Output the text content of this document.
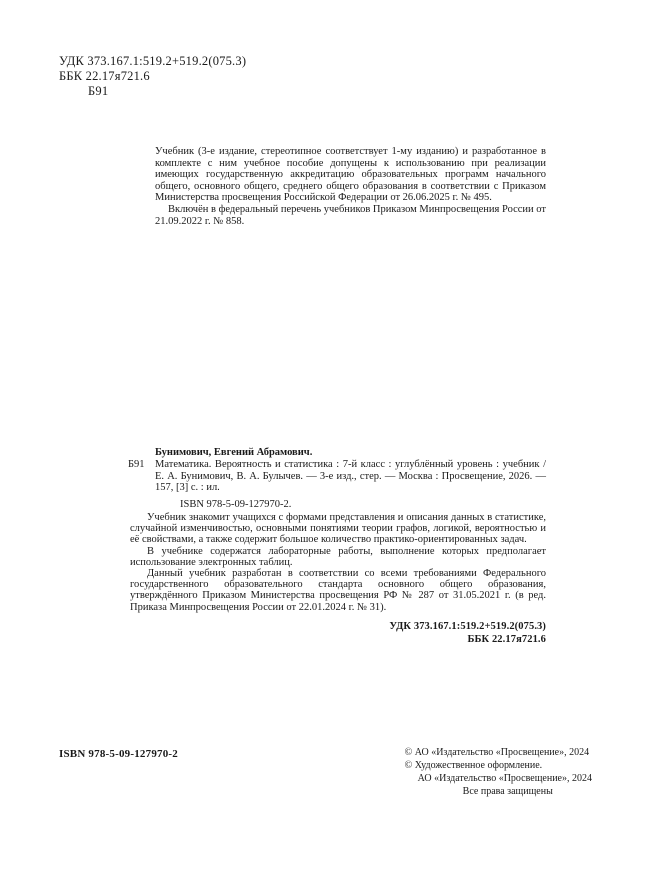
УДК 373.167.1:519.2+519.2(075.3)
ББК 22.17я721.6
Б91

Учебник (3-е издание, стереотипное соответствует 1-му изданию) и разработанное в комплекте с ним учебное пособие допущены к использованию при реализации имеющих государственную аккредитацию образовательных программ начального общего, основного общего, среднего общего образования в соответствии с Приказом Министерства просвещения Российской Федерации от 26.06.2025 г. № 495.

Включён в федеральный перечень учебников Приказом Минпросвещения России от 21.09.2022 г. № 858.

Бунимович, Евгений Абрамович.

Б91 Математика. Вероятность и статистика : 7-й класс : углублённый уровень : учебник / Е. А. Бунимович, В. А. Булычев. — 3-е изд., стер. — Москва : Просвещение, 2026. — 157, [3] с. : ил.

ISBN 978-5-09-127970-2.

Учебник знакомит учащихся с формами представления и описания данных в статистике, случайной изменчивостью, основными понятиями теории графов, логикой, вероятностью и её свойствами, а также содержит большое количество практико-ориентированных задач.

В учебнике содержатся лабораторные работы, выполнение которых предполагает использование электронных таблиц.

Данный учебник разработан в соответствии со всеми требованиями Федерального государственного образовательного стандарта основного общего образования, утверждённого Приказом Министерства просвещения РФ № 287 от 31.05.2021 г. (в ред. Приказа Минпросвещения России от 22.01.2024 г. № 31).

УДК 373.167.1:519.2+519.2(075.3)
ББК 22.17я721.6
ISBN 978-5-09-127970-2	© АО «Издательство «Просвещение», 2024
© Художественное оформление.
АО «Издательство «Просвещение», 2024
Все права защищены
